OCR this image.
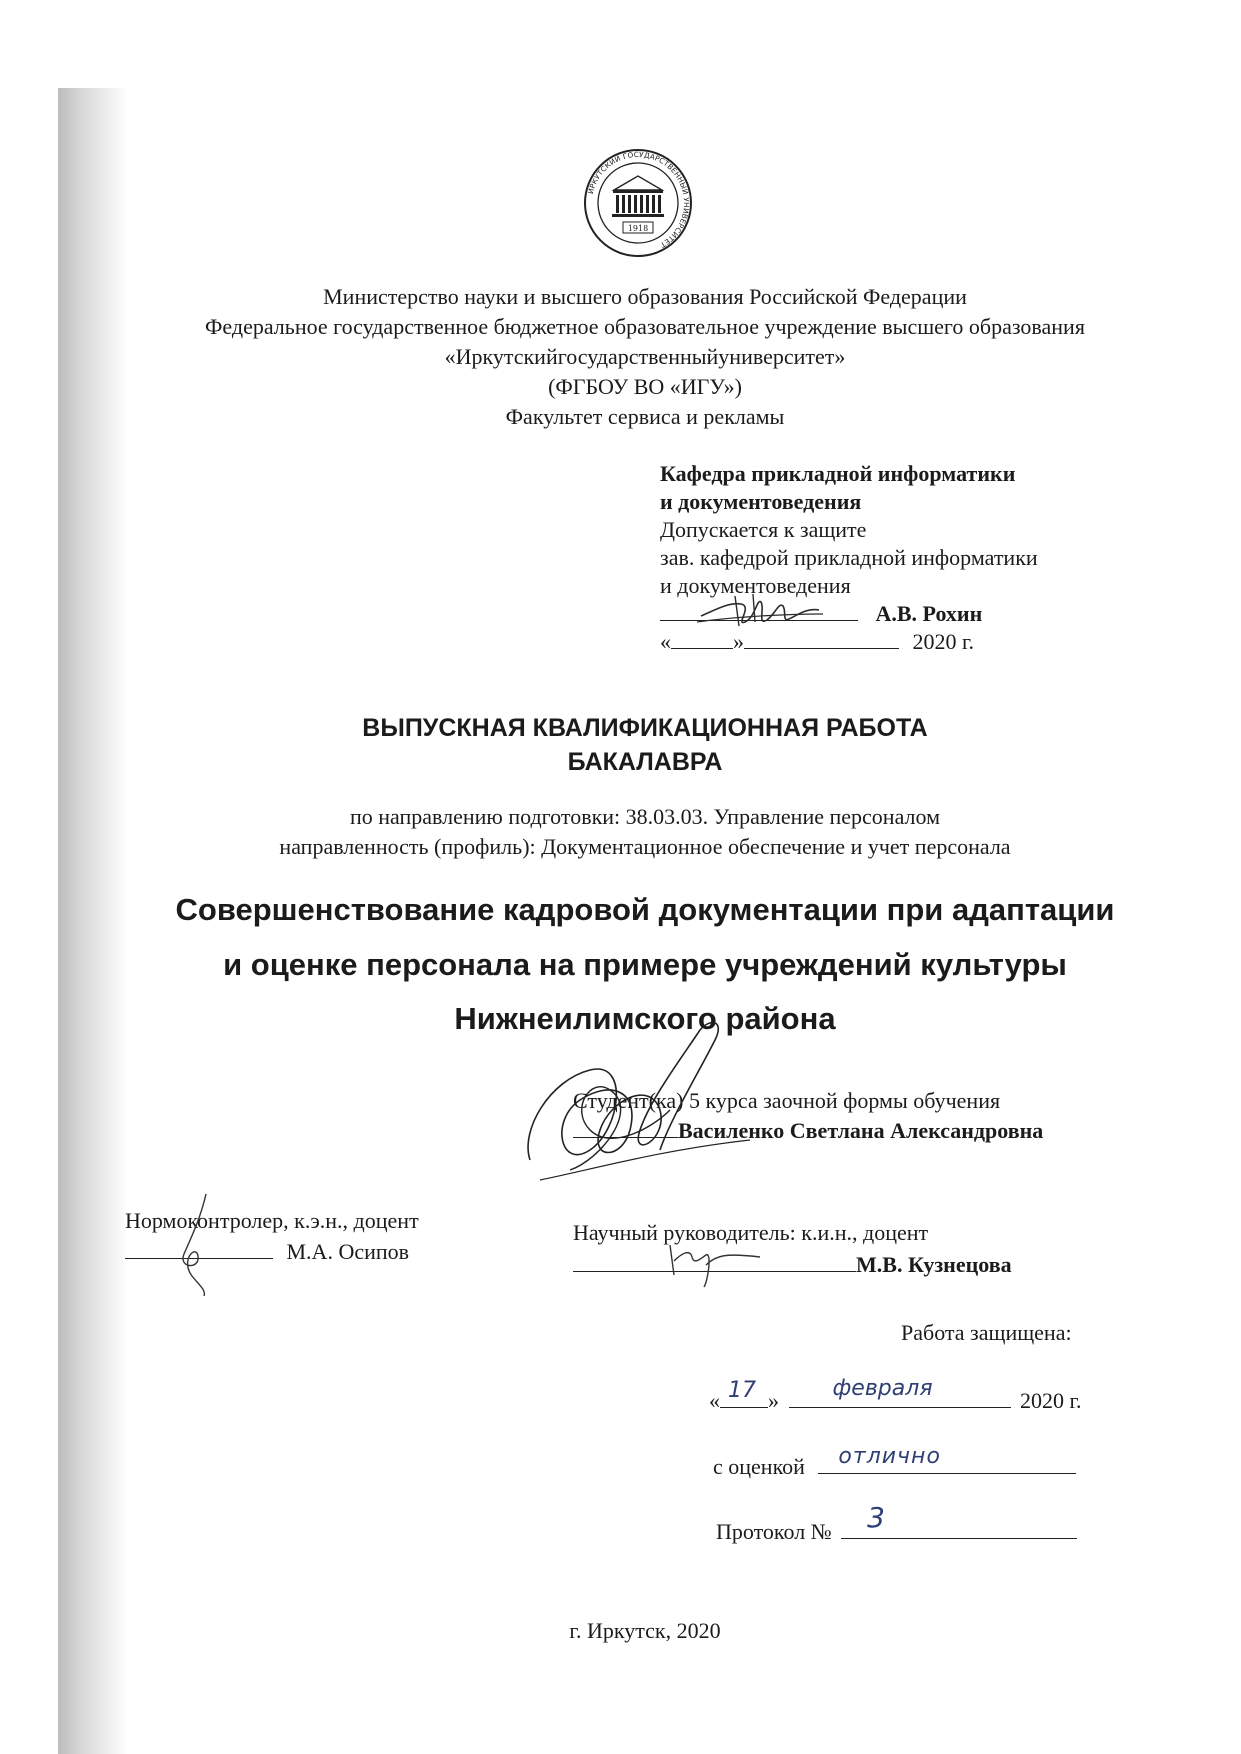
ИРКУТСКИЙ ГОСУДАРСТВЕННЫЙ УНИВЕРСИТЕТ
1918
Министерство науки и высшего образования Российской Федерации
Федеральное государственное бюджетное образовательное учреждение высшего образования
«Иркутскийгосударственныйуниверситет»
(ФГБОУ ВО «ИГУ»)
Факультет сервиса и рекламы
Кафедра прикладной информатики
и документоведения
Допускается к защите
зав. кафедрой прикладной информатики
и документоведения
А.В. Рохин
«	»	2020 г.
ВЫПУСКНАЯ КВАЛИФИКАЦИОННАЯ РАБОТА
БАКАЛАВРА
по направлению подготовки: 38.03.03. Управление персоналом
направленность (профиль): Документационное обеспечение и учет персонала
Совершенствование кадровой документации при адаптации
и оценке персонала на примере учреждений культуры
Нижнеилимского района
Студент(ка) 5 курса заочной формы обучения
Василенко Светлана Александровна
Нормоконтролер, к.э.н., доцент
М.А. Осипов
Научный руководитель: к.и.н., доцент
М.В. Кузнецова
Работа защищена:
« 17 » февраля	2020 г.
с оценкой отлично
Протокол № 3
г. Иркутск, 2020
